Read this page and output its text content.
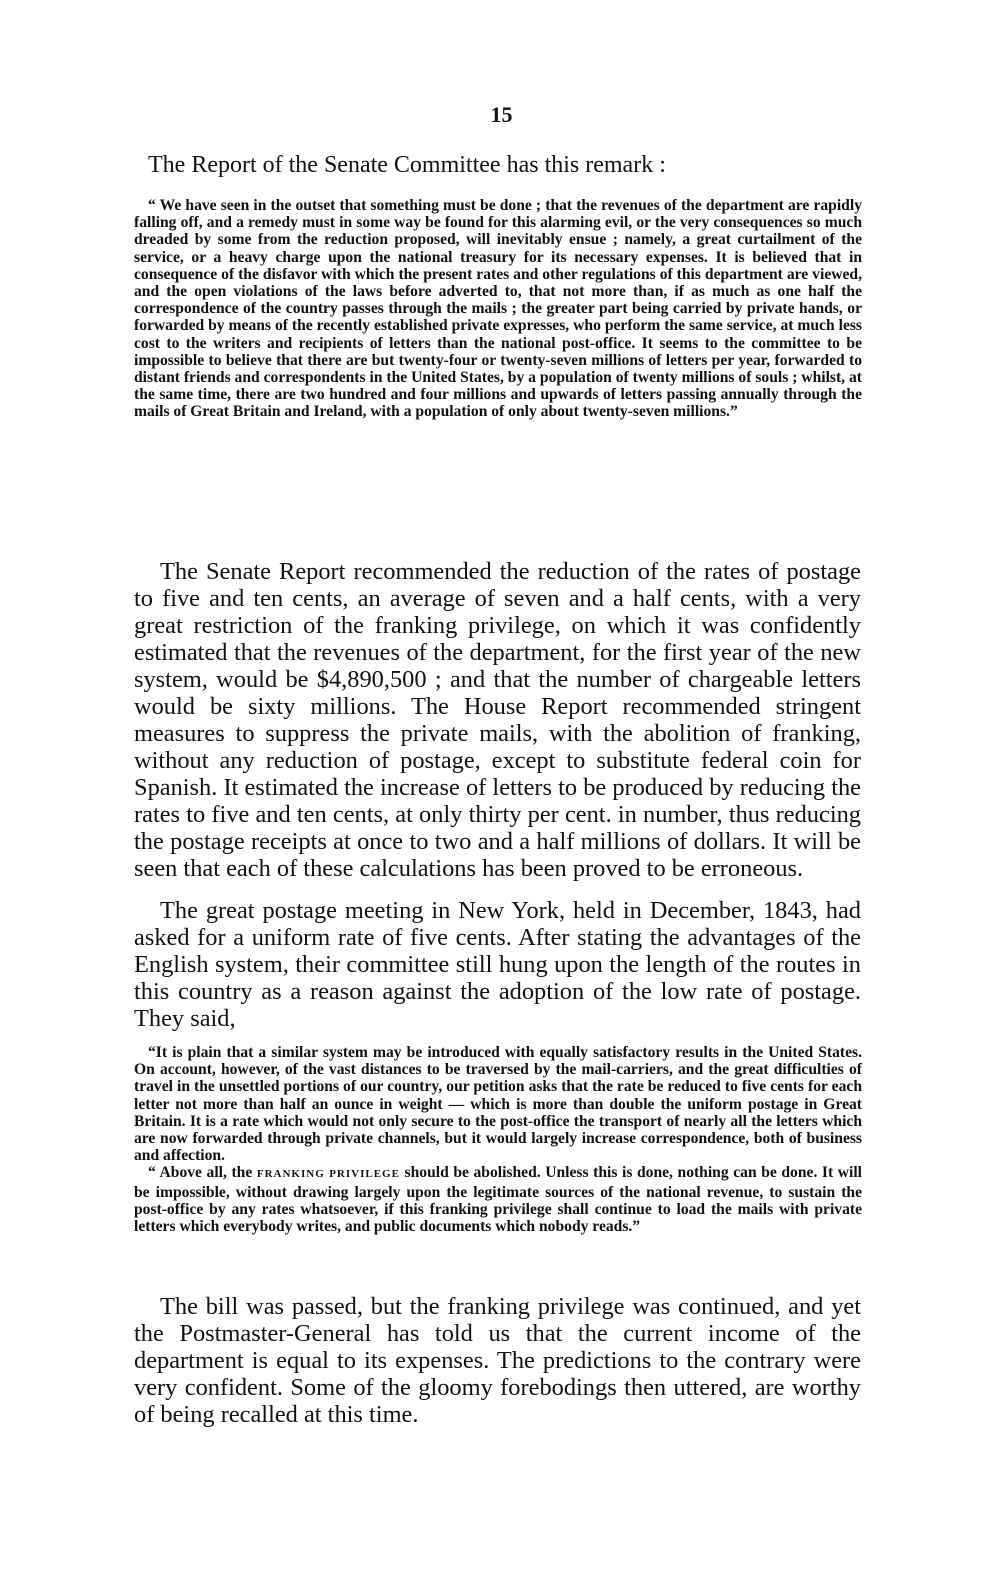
15
The Report of the Senate Committee has this remark :

“ We have seen in the outset that something must be done ; that the revenues of the department are rapidly falling off, and a remedy must in some way be found for this alarming evil, or the very consequences so much dreaded by some from the reduction proposed, will inevitably ensue ; namely, a great curtailment of the service, or a heavy charge upon the national treasury for its necessary expenses. It is believed that in consequence of the disfavor with which the present rates and other regulations of this department are viewed, and the open violations of the laws before adverted to, that not more than, if as much as one half the correspondence of the country passes through the mails ; the greater part being carried by private hands, or forwarded by means of the recently established private expresses, who perform the same service, at much less cost to the writers and recipients of letters than the national post-office. It seems to the committee to be impossible to believe that there are but twenty-four or twenty-seven millions of letters per year, forwarded to distant friends and correspondents in the United States, by a population of twenty millions of souls ; whilst, at the same time, there are two hundred and four millions and upwards of letters passing annually through the mails of Great Britain and Ireland, with a population of only about twenty-seven millions.”

The Senate Report recommended the reduction of the rates of postage to five and ten cents, an average of seven and a half cents, with a very great restriction of the franking privilege, on which it was confidently estimated that the revenues of the department, for the first year of the new system, would be $4,890,500 ; and that the number of chargeable letters would be sixty millions. The House Report recommended stringent measures to suppress the private mails, with the abolition of franking, without any reduction of postage, except to substitute federal coin for Spanish. It estimated the increase of letters to be produced by reducing the rates to five and ten cents, at only thirty per cent. in number, thus reducing the postage receipts at once to two and a half millions of dollars. It will be seen that each of these calculations has been proved to be erroneous.

The great postage meeting in New York, held in December, 1843, had asked for a uniform rate of five cents. After stating the advantages of the English system, their committee still hung upon the length of the routes in this country as a reason against the adoption of the low rate of postage. They said,

“It is plain that a similar system may be introduced with equally satisfactory results in the United States. On account, however, of the vast distances to be traversed by the mail-carriers, and the great difficulties of travel in the unsettled portions of our country, our petition asks that the rate be reduced to five cents for each letter not more than half an ounce in weight — which is more than double the uniform postage in Great Britain. It is a rate which would not only secure to the post-office the transport of nearly all the letters which are now forwarded through private channels, but it would largely increase correspondence, both of business and affection.

“ Above all, the FRANKING PRIVILEGE should be abolished. Unless this is done, nothing can be done. It will be impossible, without drawing largely upon the legitimate sources of the national revenue, to sustain the post-office by any rates whatsoever, if this franking privilege shall continue to load the mails with private letters which everybody writes, and public documents which nobody reads.”

The bill was passed, but the franking privilege was continued, and yet the Postmaster-General has told us that the current income of the department is equal to its expenses. The predictions to the contrary were very confident. Some of the gloomy forebodings then uttered, are worthy of being recalled at this time.
